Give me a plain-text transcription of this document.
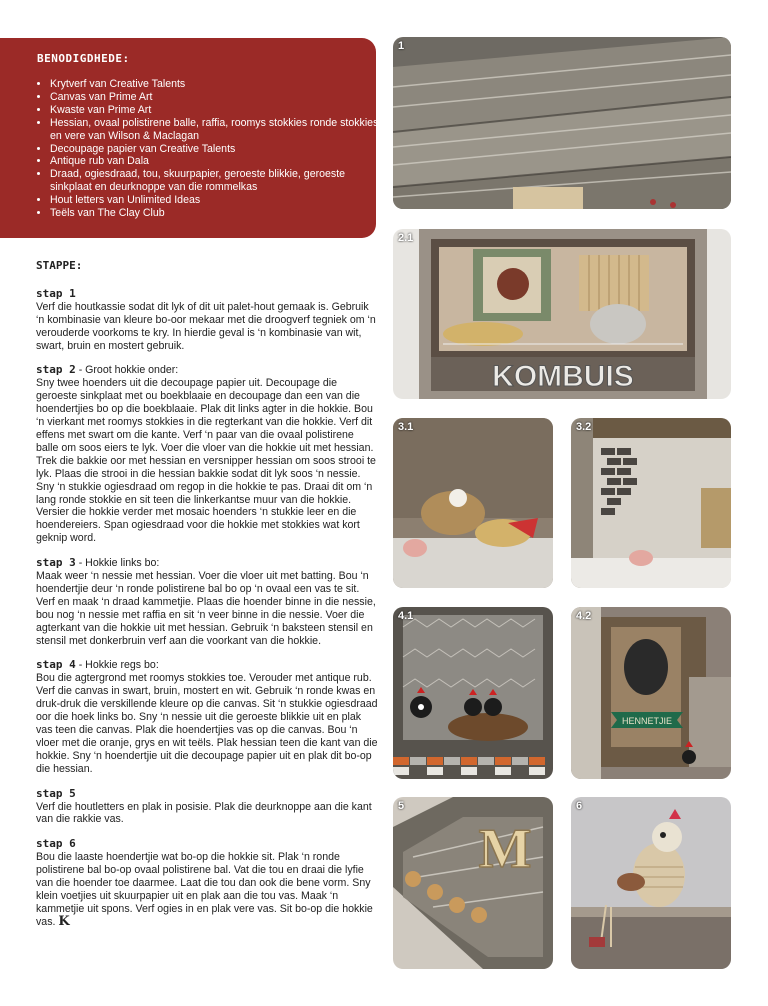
BENODIGDHEDE:
• Krytverf van Creative Talents
• Canvas van Prime Art
• Kwaste van Prime Art
• Hessian, ovaal polistirene balle, raffia, roomys stokkies ronde stokkies en vere van Wilson & Maclagan
• Decoupage papier van Creative Talents
• Antique rub van Dala
• Draad, ogiesdraad, tou, skuurpapier, geroeste blikkie, geroeste sinkplaat en deurknoppe van die rommelkas
• Hout letters van Unlimited Ideas
• Teëls van The Clay Club
STAPPE:
stap 1

Verf die houtkassie sodat dit lyk of dit uit palet-hout gemaak is. Gebruik ‘n kombinasie van kleure bo-oor mekaar met die droogverf tegniek om ‘n verouderde voorkoms te kry. In hierdie geval is ‘n kombinasie van wit, swart, bruin en mostert gebruik.

stap 2 - Groot hokkie onder:

Sny twee hoenders uit die decoupage papier uit. Decoupage die geroeste sinkplaat met ou boekblaaie en decoupage dan een van die hoendertjies bo op die boekblaaie. Plak dit links agter in die hokkie. Bou ‘n vierkant met roomys stokkies in die regterkant van die hokkie. Verf dit effens met swart om die kante. Verf ‘n paar van die ovaal polistirene balle om soos eiers te lyk. Voer die vloer van die hokkie uit met hessian. Trek die bakkie oor met hessian en versnipper hessian om soos strooi te lyk. Plaas die strooi in die hessian bakkie sodat dit lyk soos ‘n nessie. Sny ‘n stukkie ogiesdraad om regop in die hokkie te pas. Draai dit om ‘n lang ronde stokkie en sit teen die linkerkantse muur van die hokkie. Versier die hokkie verder met mosaic hoenders ‘n stukkie leer en die hoendereiers. Span ogiesdraad voor die hokkie met stokkies wat kort geknip word.

stap 3 - Hokkie links bo:

Maak weer ‘n nessie met hessian. Voer die vloer uit met batting. Bou ‘n hoendertjie deur ‘n ronde polistirene bal bo op ‘n ovaal een vas te sit. Verf en maak ‘n draad kammetjie. Plaas die hoender binne in die nessie, bou nog ‘n nessie met raffia en sit ‘n veer binne in die nessie. Voer die agterkant van die hokkie uit met hessian. Gebruik ‘n baksteen stensil en stensil met donkerbruin verf aan die voorkant van die hokkie.

stap 4 - Hokkie regs bo:

Bou die agtergrond met roomys stokkies toe. Verouder met antique rub. Verf die canvas in swart, bruin, mostert en wit. Gebruik ‘n ronde kwas en druk-druk die verskillende kleure op die canvas. Sit ‘n stukkie ogiesdraad oor die hoek links bo. Sny ‘n nessie uit die geroeste blikkie uit en plak vas teen die canvas. Plak die hoendertjies vas op die canvas. Bou ‘n vloer met die oranje, grys en wit teëls. Plak hessian teen die kant van die hokkie. Sny ‘n hoendertjie uit die decoupage papier uit en plak dit bo-op die hessian.

stap 5

Verf die houtletters en plak in posisie. Plak die deurknoppe aan die kant van die rakkie vas.

stap 6

Bou die laaste hoendertjie wat bo-op die hokkie sit. Plak ‘n ronde polistirene bal bo-op ovaal polistirene bal. Vat die tou en draai die lyfie van die hoender toe daarmee. Laat die tou dan ook die bene vorm. Sny klein voetjies uit skuurpapier uit en plak aan die tou vas. Maak ‘n kammetjie uit spons. Verf ogies in en plak vere vas. Sit bo-op die hokkie vas. K

1
KOMBUIS
2.1
3.1	3.2
4.1
HENNETJIE
4.2
M
5	6
